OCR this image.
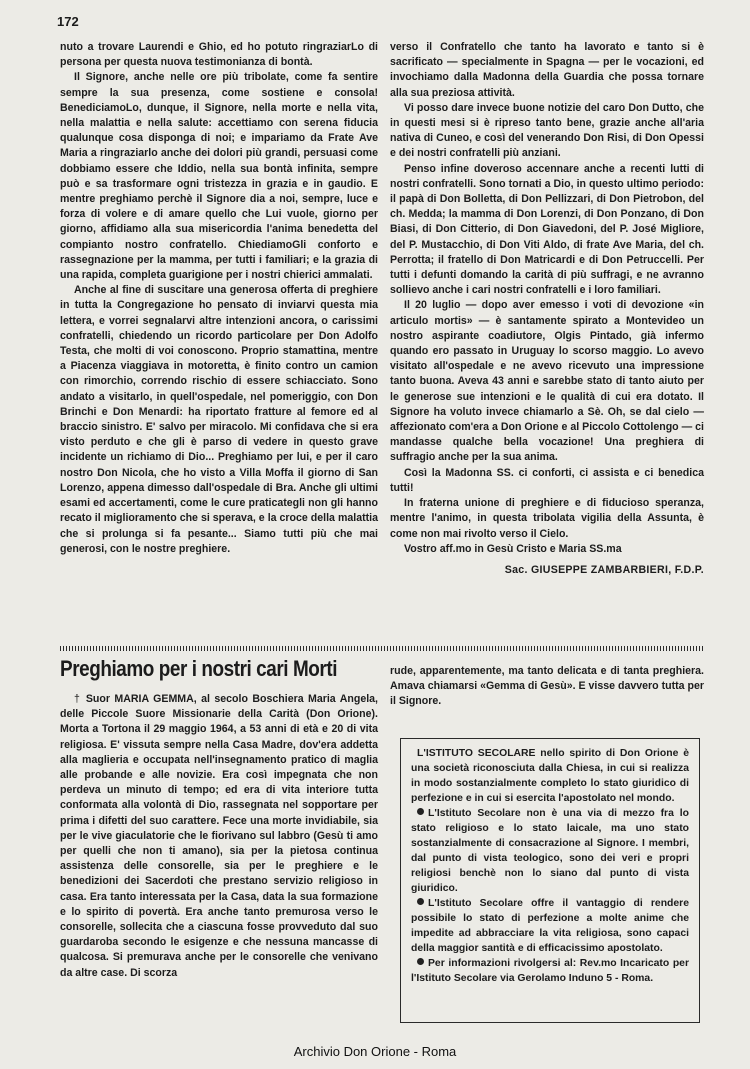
172

nuto a trovare Laurendi e Ghio, ed ho potuto ringraziarLo di persona per questa nuova testimonianza di bontà.

Il Signore, anche nelle ore più tribolate, come fa sentire sempre la sua presenza, come sostiene e consola! BenediciamoLo, dunque, il Signore, nella morte e nella vita, nella malattia e nella salute: accettiamo con serena fiducia qualunque cosa disponga di noi; e impariamo da Frate Ave Maria a ringraziarlo anche dei dolori più grandi, persuasi come dobbiamo essere che Iddio, nella sua bontà infinita, sempre può e sa trasformare ogni tristezza in grazia e in gaudio. E mentre preghiamo perchè il Signore dia a noi, sempre, luce e forza di volere e di amare quello che Lui vuole, giorno per giorno, affidiamo alla sua misericordia l'anima benedetta del compianto nostro confratello. ChiediamoGli conforto e rassegnazione per la mamma, per tutti i familiari; e la grazia di una rapida, completa guarigione per i nostri chierici ammalati.

Anche al fine di suscitare una generosa offerta di preghiere in tutta la Congregazione ho pensato di inviarvi questa mia lettera, e vorrei segnalarvi altre intenzioni ancora, o carissimi confratelli, chiedendo un ricordo particolare per Don Adolfo Testa, che molti di voi conoscono. Proprio stamattina, mentre a Piacenza viaggiava in motoretta, è finito contro un camion con rimorchio, correndo rischio di essere schiacciato. Sono andato a visitarlo, in quell'ospedale, nel pomeriggio, con Don Brinchi e Don Menardi: ha riportato fratture al femore ed al braccio sinistro. E' salvo per miracolo. Mi confidava che si era visto perduto e che gli è parso di vedere in questo grave incidente un richiamo di Dio... Preghiamo per lui, e per il caro nostro Don Nicola, che ho visto a Villa Moffa il giorno di San Lorenzo, appena dimesso dall'ospedale di Bra. Anche gli ultimi esami ed accertamenti, come le cure praticategli non gli hanno recato il miglioramento che si sperava, e la croce della malattia che si prolunga si fa pesante... Siamo tutti più che mai generosi, con le nostre preghiere.

verso il Confratello che tanto ha lavorato e tanto si è sacrificato — specialmente in Spagna — per le vocazioni, ed invochiamo dalla Madonna della Guardia che possa tornare alla sua preziosa attività.

Vi posso dare invece buone notizie del caro Don Dutto, che in questi mesi si è ripreso tanto bene, grazie anche all'aria nativa di Cuneo, e così del venerando Don Risi, di Don Opessi e dei nostri confratelli più anziani.

Penso infine doveroso accennare anche a recenti lutti di nostri confratelli. Sono tornati a Dio, in questo ultimo periodo: il papà di Don Bolletta, di Don Pellizzari, di Don Pietrobon, del ch. Medda; la mamma di Don Lorenzi, di Don Ponzano, di Don Biasi, di Don Citterio, di Don Giavedoni, del P. José Migliore, del P. Mustacchio, di Don Viti Aldo, di frate Ave Maria, del ch. Perrotta; il fratello di Don Matricardi e di Don Petruccelli. Per tutti i defunti domando la carità di più suffragi, e ne avranno sollievo anche i cari nostri confratelli e i loro familiari.

Il 20 luglio — dopo aver emesso i voti di devozione «in articulo mortis» — è santamente spirato a Montevideo un nostro aspirante coadiutore, Olgis Pintado, già infermo quando ero passato in Uruguay lo scorso maggio. Lo avevo visitato all'ospedale e ne avevo ricevuto una impressione tanto buona. Aveva 43 anni e sarebbe stato di tanto aiuto per le generose sue intenzioni e le qualità di cui era dotato. Il Signore ha voluto invece chiamarlo a Sè. Oh, se dal cielo — affezionato com'era a Don Orione e al Piccolo Cottolengo — ci mandasse qualche bella vocazione! Una preghiera di suffragio anche per la sua anima.

Così la Madonna SS. ci conforti, ci assista e ci benedica tutti!

In fraterna unione di preghiere e di fiducioso speranza, mentre l'animo, in questa tribolata vigilia della Assunta, è come non mai rivolto verso il Cielo.

Vostro aff.mo in Gesù Cristo e Maria SS.ma

Sac. GIUSEPPE ZAMBARBIERI, F.D.P.
Preghiamo per i nostri cari Morti

† Suor MARIA GEMMA, al secolo Boschiera Maria Angela, delle Piccole Suore Missionarie della Carità (Don Orione). Morta a Tortona il 29 maggio 1964, a 53 anni di età e 20 di vita religiosa. E' vissuta sempre nella Casa Madre, dov'era addetta alla maglieria e occupata nell'insegnamento pratico di maglia alle probande e alle novizie. Era così impegnata che non perdeva un minuto di tempo; ed era di vita interiore tutta conformata alla volontà di Dio, rassegnata nel sopportare per prima i difetti del suo carattere. Fece una morte invidiabile, sia per le vive giaculatorie che le fiorivano sul labbro (Gesù ti amo per quelli che non ti amano), sia per la pietosa continua assistenza delle consorelle, sia per le preghiere e le benedizioni dei Sacerdoti che prestano servizio religioso in casa. Era tanto interessata per la Casa, data la sua formazione e lo spirito di povertà. Era anche tanto premurosa verso le consorelle, sollecita che a ciascuna fosse provveduto dal suo guardaroba secondo le esigenze e che nessuna mancasse di qualcosa. Si premurava anche per le consorelle che venivano da altre case. Di scorza

rude, apparentemente, ma tanto delicata e di tanta preghiera. Amava chiamarsi «Gemma di Gesù». E visse davvero tutta per il Signore.

L'ISTITUTO SECOLARE nello spirito di Don Orione è una società riconosciuta dalla Chiesa, in cui si realizza in modo sostanzialmente completo lo stato giuridico di perfezione e in cui si esercita l'apostolato nel mondo.

L'Istituto Secolare non è una via di mezzo fra lo stato religioso e lo stato laicale, ma uno stato sostanzialmente di consacrazione al Signore. I membri, dal punto di vista teologico, sono dei veri e propri religiosi benchè non lo siano dal punto di vista giuridico.

L'Istituto Secolare offre il vantaggio di rendere possibile lo stato di perfezione a molte anime che impedite ad abbracciare la vita religiosa, sono capaci della maggior santità e di efficacissimo apostolato.

Per informazioni rivolgersi al: Rev.mo Incaricato per l'Istituto Secolare via Gerolamo Induno 5 - Roma.

Archivio Don Orione - Roma
